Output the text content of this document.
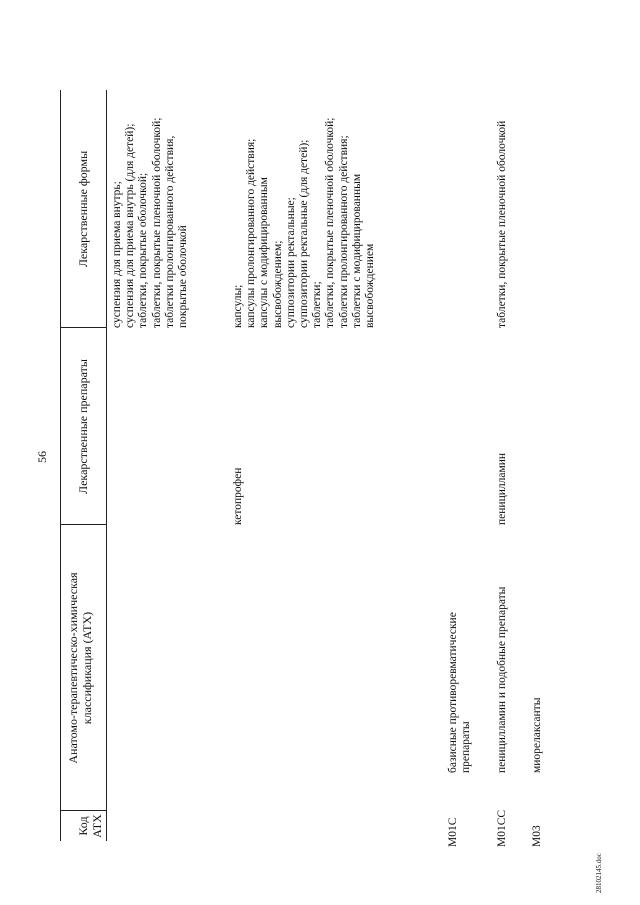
56
Код АТХ
Анатомо-терапевтическо-химическая классификация (АТХ)
Лекарственные препараты
Лекарственные формы суспензия для приема внутрь; суспензия для приема внутрь (для детей); таблетки, покрытые оболочкой; таблетки, покрытые пленочной оболочкой; таблетки пролонгированного действия, покрытые оболочкой
кетопрофен
капсулы; капсулы пролонгированного действия; капсулы с модифицированным высвобождением; суппозитории ректальные; суппозитории ректальные (для детей); таблетки; таблетки, покрытые пленочной оболочкой; таблетки пролонгированного действия; таблетки с модифицированным высвобождением
M01C
базисные противоревматические препараты
M01CC
пеницилламин и подобные препараты
пеницилламин
таблетки, покрытые пленочной оболочкой
M03
миорелаксанты
28102145.doc
